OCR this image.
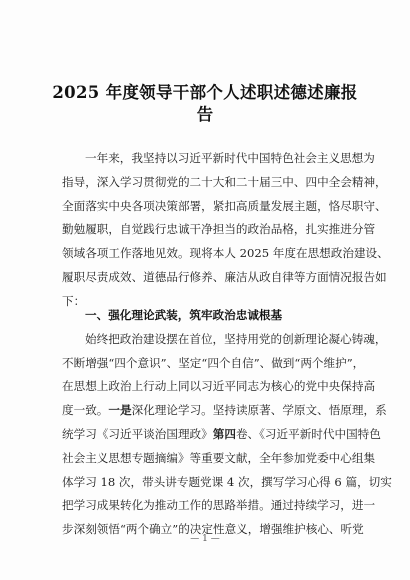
2025 年度领导干部个人述职述德述廉报
告
一年来，我坚持以习近平新时代中国特色社会主义思想为
指导，深入学习贯彻党的二十大和二十届三中、四中全会精神，
全面落实中央各项决策部署，紧扣高质量发展主题，恪尽职守、
勤勉履职，自觉践行忠诚干净担当的政治品格，扎实推进分管
领域各项工作落地见效。现将本人 2025 年度在思想政治建设、
履职尽责成效、道德品行修养、廉洁从政自律等方面情况报告如
下：
一、强化理论武装，筑牢政治忠诚根基
始终把政治建设摆在首位，坚持用党的创新理论凝心铸魂，
不断增强“四个意识”、坚定“四个自信”、做到“两个维护”，
在思想上政治上行动上同以习近平同志为核心的党中央保持高
度一致。一是深化理论学习。坚持读原著、学原文、悟原理，系
统学习《习近平谈治国理政》第四卷、《习近平新时代中国特色
社会主义思想专题摘编》等重要文献，全年参加党委中心组集
体学习 18 次，带头讲专题党课 4 次，撰写学习心得 6 篇，切实
把学习成果转化为推动工作的思路举措。通过持续学习，进一
步深刻领悟“两个确立”的决定性意义，增强维护核心、听党
— 1 —
